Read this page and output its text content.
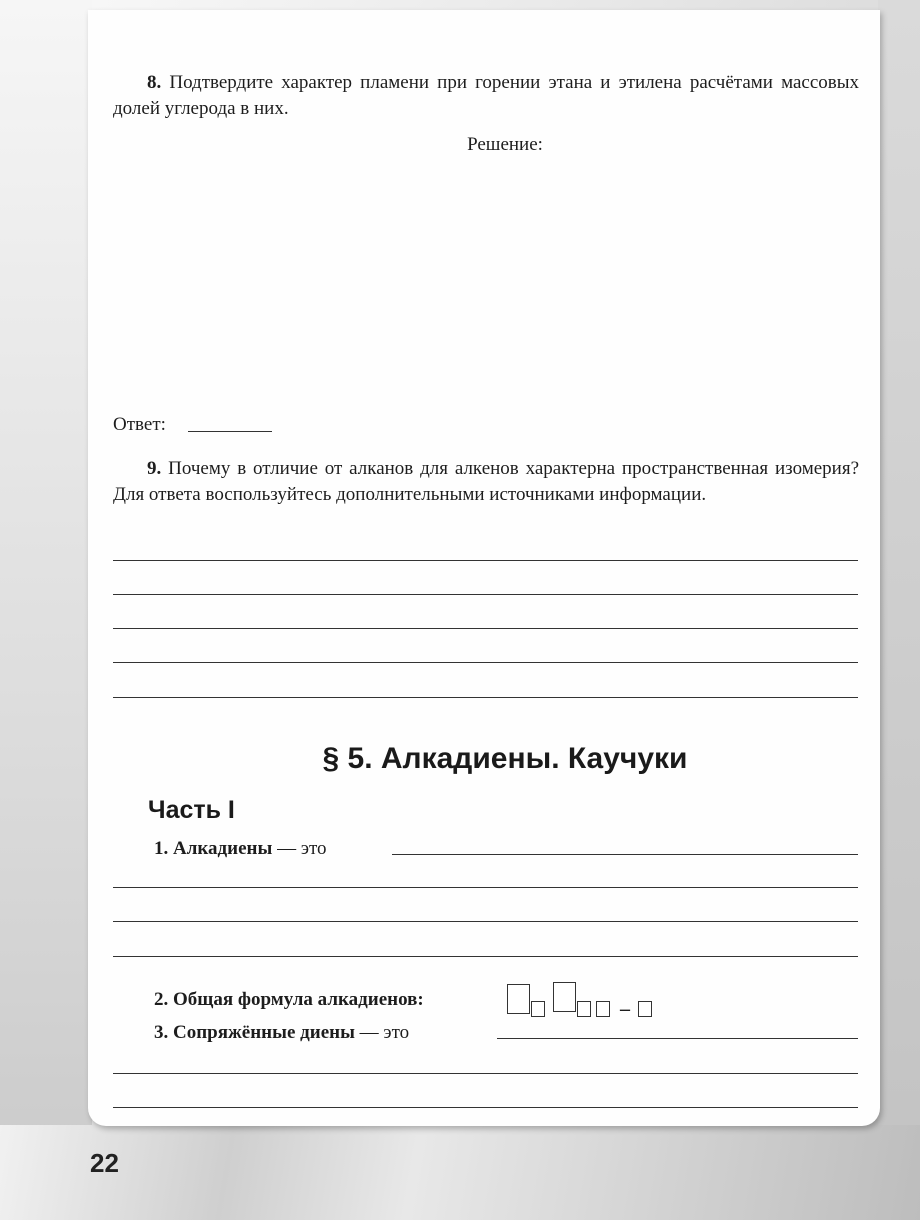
8. Подтвердите характер пламени при горении этана и этилена расчётами массовых долей углерода в них.
Решение:
Ответ:
9. Почему в отличие от алканов для алкенов характерна пространственная изомерия? Для ответа воспользуйтесь дополнительными источниками информации.
§ 5. Алкадиены. Каучуки
Часть I
1. Алкадиены — это
2. Общая формула алкадиенов:	–
3. Сопряжённые диены — это
22
